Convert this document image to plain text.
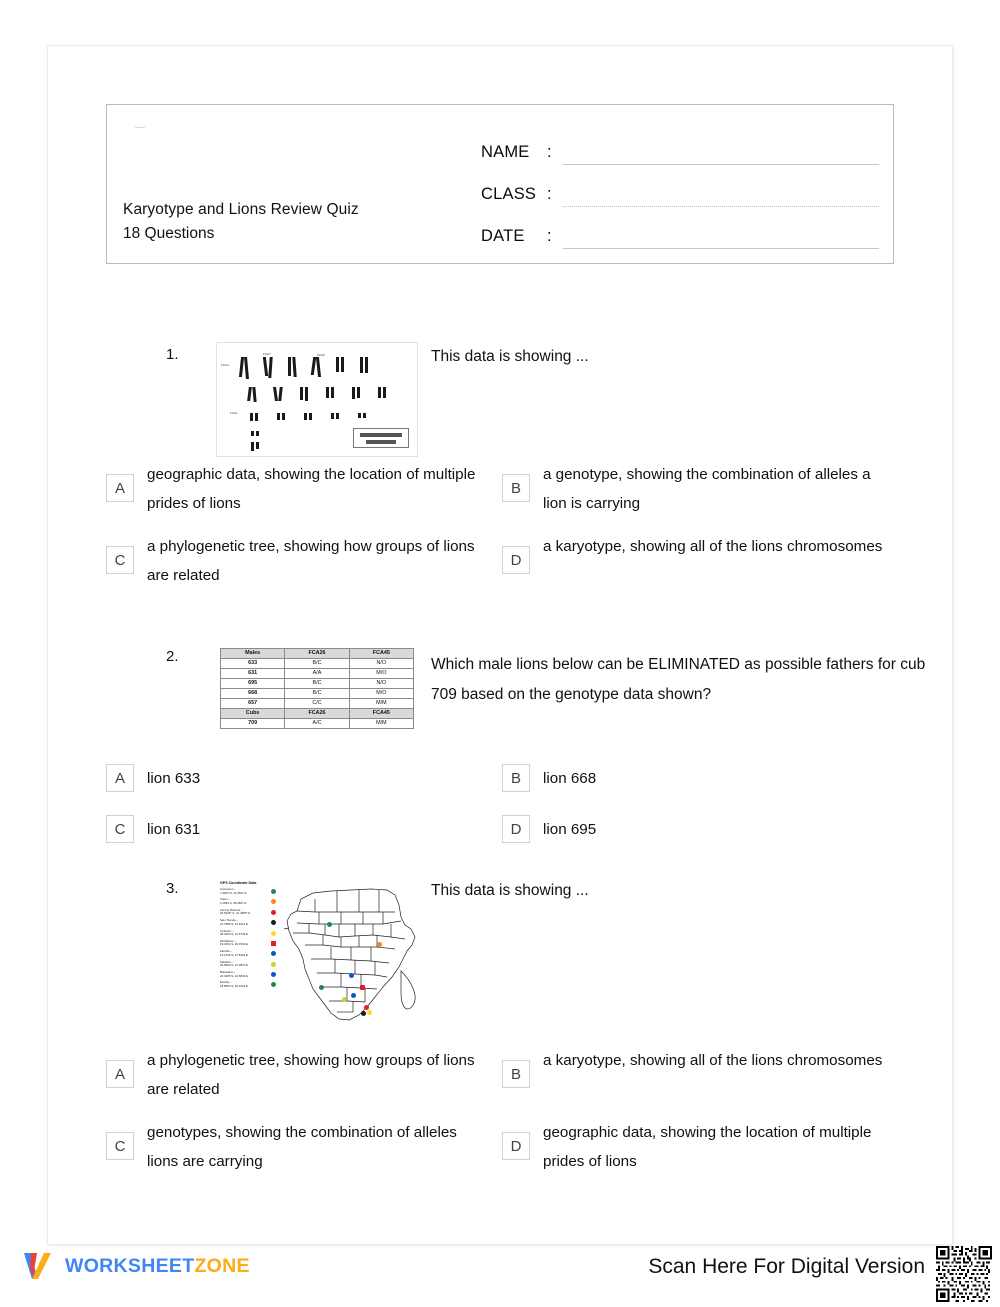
Karyotype and Lions Review Quiz
18 Questions
NAME	:
CLASS :
DATE	:
1.
FCA4
FCA7	FCA9
FCA1
This data is showing ...
A
geographic data, showing the location of multiple prides of lions
B
a genotype, showing the combination of alleles a lion is carrying
C
a phylogenetic tree, showing how groups of lions are related
D
a karyotype, showing all of the lions chromosomes
2.	Males	FCA26	FCA45
633	B/C	N/O
631	A/A	M/O
695	B/C	N/O
668	B/C	M/O
657	C/C	M/M
Cubs	FCA26	FCA45
709	A/C	M/M
Which male lions below can be ELIMINATED as possible fathers for cub 709 based on the genotype data shown?
A	lion 633	B	lion 668
C	lion 631	D	lion 695
3.	GPS Coordinate Data
Cameroon –
7.3697 N, 12.3547 E
Tsavo –
2.1833 S, 38.4567 E
Ferrnie Roberts –
26.5225° S, 31.4659° E
Selo Tsondo –
24.7885 S, 31.4914 E
Umfolozi –
28.3400 S, 31.5743 E
Zimbabwe –
19.0154 S, 29.1549 E
Zambia –
13.1339 S, 27.8493 E
Kalahari –
25.5800 S, 21.0837 E
Botswana –
22.3285 S, 24.6849 E
Etosha –
18.8554 S, 16.3293 E
This data is showing ...
A
a phylogenetic tree, showing how groups of lions are related
B
a karyotype, showing all of the lions chromosomes
C
genotypes, showing the combination of alleles lions are carrying
D
geographic data, showing the location of multiple prides of lions
WORKSHEETZONE	Scan Here For Digital Version
